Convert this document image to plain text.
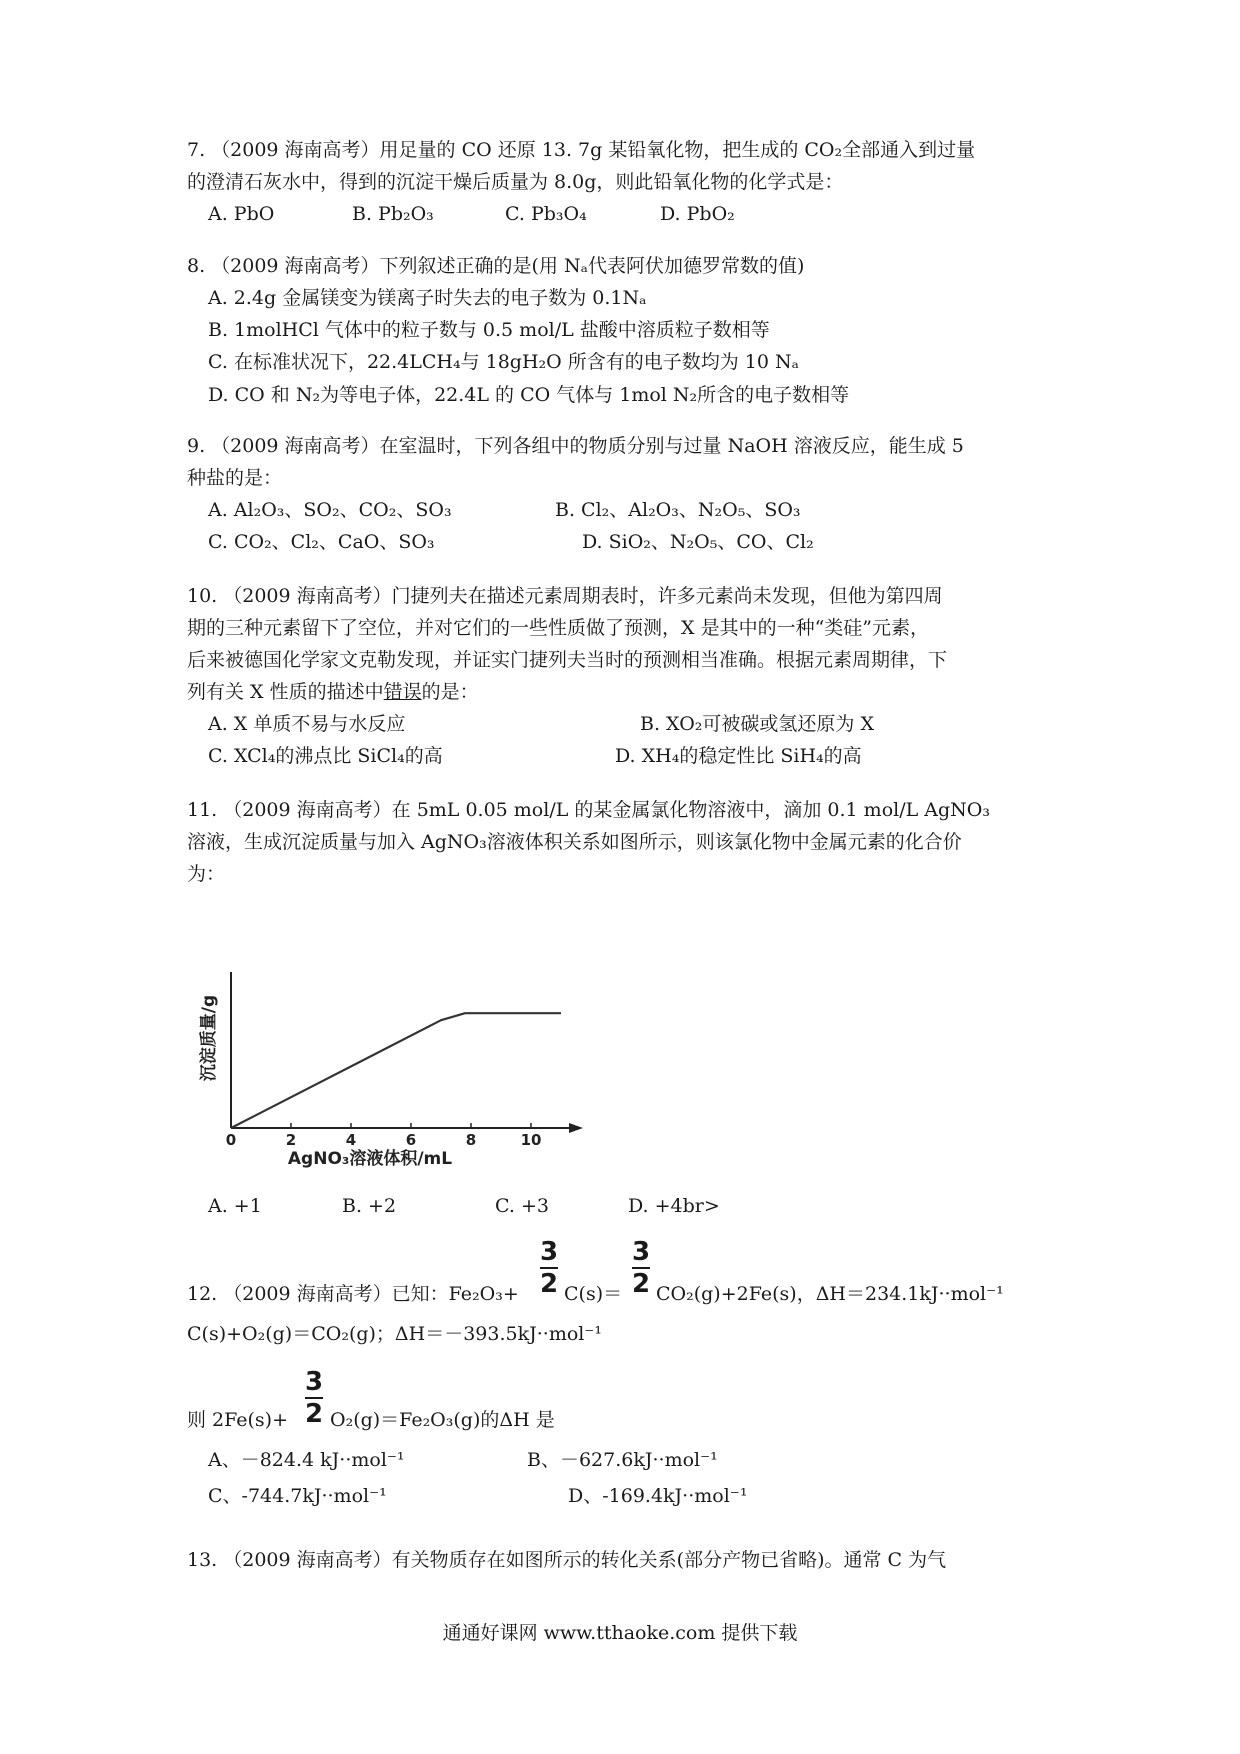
7. （2009 海南高考）用足量的 CO 还原 13. 7g 某铅氧化物，把生成的 CO₂全部通入到过量
的澄清石灰水中，得到的沉淀干燥后质量为 8.0g，则此铅氧化物的化学式是：
A. PbO	B. Pb₂O₃	C. Pb₃O₄	D. PbO₂
8. （2009 海南高考）下列叙述正确的是(用 Nₐ代表阿伏加德罗常数的值)
A. 2.4g 金属镁变为镁离子时失去的电子数为 0.1Nₐ
B. 1molHCl 气体中的粒子数与 0.5 mol/L 盐酸中溶质粒子数相等
C. 在标准状况下，22.4LCH₄与 18gH₂O 所含有的电子数均为 10 Nₐ
D. CO 和 N₂为等电子体，22.4L 的 CO 气体与 1mol N₂所含的电子数相等
9. （2009 海南高考）在室温时，下列各组中的物质分别与过量 NaOH 溶液反应，能生成 5
种盐的是：
A. Al₂O₃、SO₂、CO₂、SO₃	B. Cl₂、Al₂O₃、N₂O₅、SO₃
C. CO₂、Cl₂、CaO、SO₃	D. SiO₂、N₂O₅、CO、Cl₂
10. （2009 海南高考）门捷列夫在描述元素周期表时，许多元素尚未发现，但他为第四周
期的三种元素留下了空位，并对它们的一些性质做了预测，X 是其中的一种“类硅”元素，
后来被德国化学家文克勒发现，并证实门捷列夫当时的预测相当准确。根据元素周期律，下
列有关 X 性质的描述中错误的是：
A. X 单质不易与水反应	B. XO₂可被碳或氢还原为 X
C. XCl₄的沸点比 SiCl₄的高	D. XH₄的稳定性比 SiH₄的高
11. （2009 海南高考）在 5mL 0.05 mol/L 的某金属氯化物溶液中，滴加 0.1 mol/L AgNO₃
溶液，生成沉淀质量与加入 AgNO₃溶液体积关系如图所示，则该氯化物中金属元素的化合价
为：
0	2	4	6	8	10
AgNO₃溶液体积/mL
沉淀质量/g
A. +1	B. +2	C. +3	D. +4br>
3
2
3
2
12. （2009 海南高考）已知：Fe₂O₃+ C(s)＝ CO₂(g)+2Fe(s)，ΔH＝234.1kJ··mol⁻¹
C(s)+O₂(g)＝CO₂(g)；ΔH＝－393.5kJ··mol⁻¹
3
2
则 2Fe(s)+ O₂(g)＝Fe₂O₃(g)的ΔH 是
A、－824.4 kJ··mol⁻¹	B、－627.6kJ··mol⁻¹
C、-744.7kJ··mol⁻¹	D、-169.4kJ··mol⁻¹
13. （2009 海南高考）有关物质存在如图所示的转化关系(部分产物已省略)。通常 C 为气
通通好课网 www.tthaoke.com 提供下载
